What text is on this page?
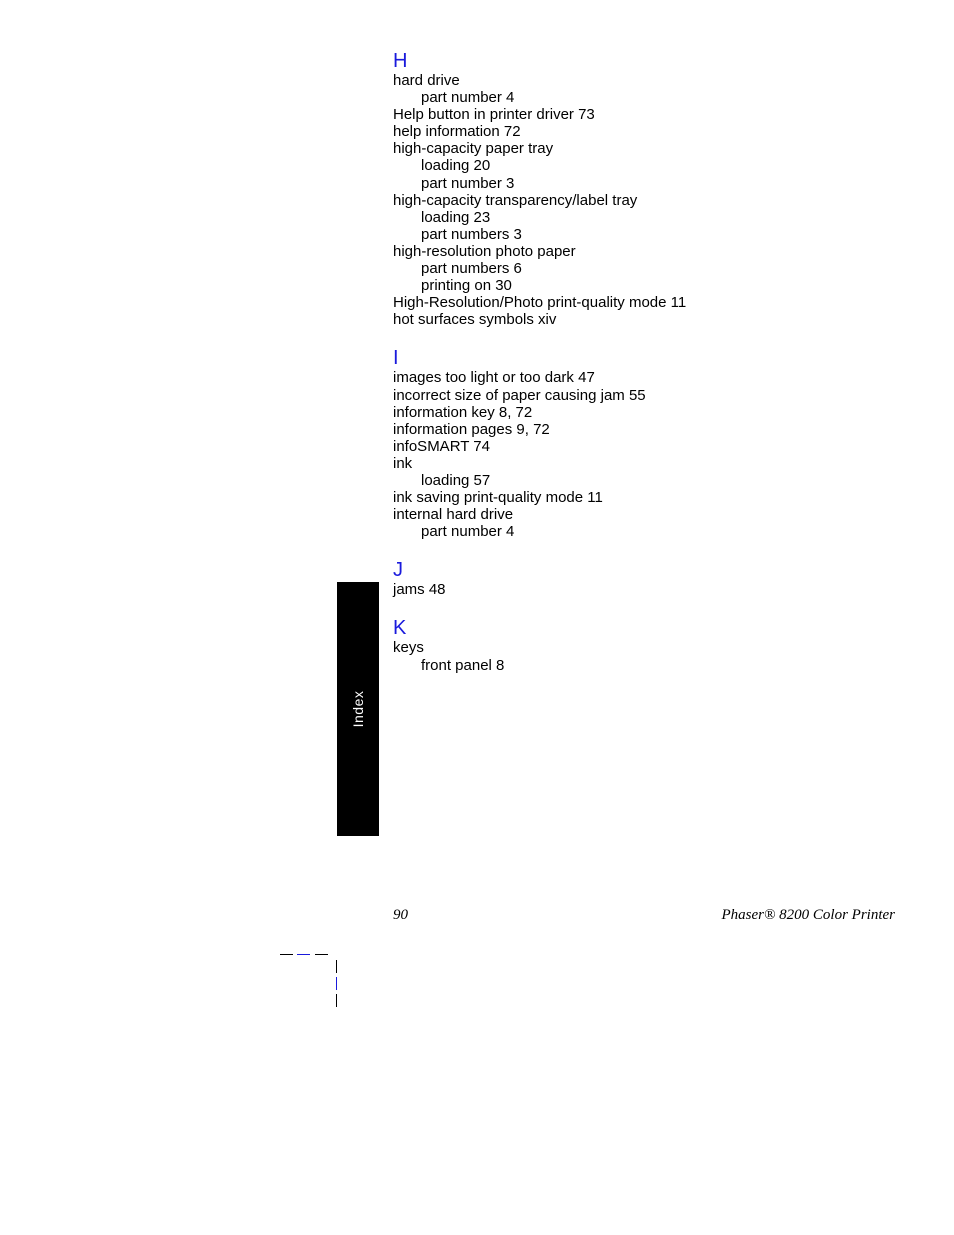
H
hard drive
part number 4
Help button in printer driver 73
help information 72
high-capacity paper tray
loading 20
part number 3
high-capacity transparency/label tray
loading 23
part numbers 3
high-resolution photo paper
part numbers 6
printing on 30
High-Resolution/Photo print-quality mode 11
hot surfaces symbols xiv
I
images too light or too dark 47
incorrect size of paper causing jam 55
information key 8, 72
information pages 9, 72
infoSMART 74
ink
loading 57
ink saving print-quality mode 11
internal hard drive
part number 4
J
jams 48
K
keys
front panel 8
Index
90	Phaser® 8200 Color Printer
